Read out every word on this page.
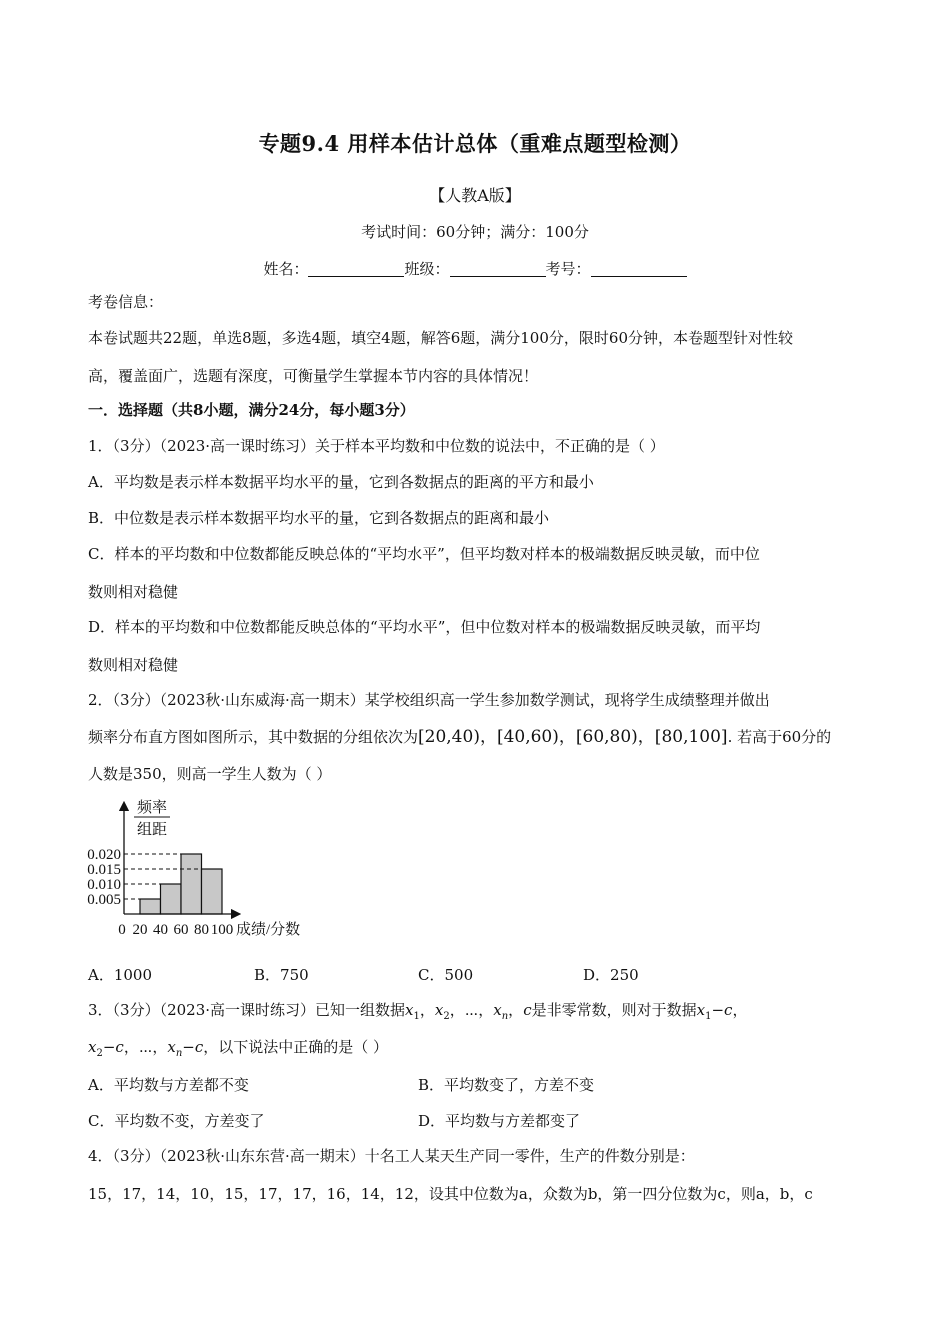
专题9.4 用样本估计总体（重难点题型检测）
【人教A版】
考试时间：60分钟；满分：100分
姓名：	班级：	考号：
考卷信息：
本卷试题共22题，单选8题，多选4题，填空4题，解答6题，满分100分，限时60分钟，本卷题型针对性较
高，覆盖面广，选题有深度，可衡量学生掌握本节内容的具体情况！
一．选择题（共8小题，满分24分，每小题3分）
1．（3分）（2023·高一课时练习）关于样本平均数和中位数的说法中，不正确的是（ ）
A．平均数是表示样本数据平均水平的量，它到各数据点的距离的平方和最小
B．中位数是表示样本数据平均水平的量，它到各数据点的距离和最小
C．样本的平均数和中位数都能反映总体的“平均水平”，但平均数对样本的极端数据反映灵敏，而中位
数则相对稳健
D．样本的平均数和中位数都能反映总体的“平均水平”，但中位数对样本的极端数据反映灵敏，而平均
数则相对稳健
2．（3分）（2023秋·山东威海·高一期末）某学校组织高一学生参加数学测试，现将学生成绩整理并做出
频率分布直方图如图所示，其中数据的分组依次为[20,40)，[40,60)，[60,80)，[80,100]. 若高于60分的
人数是350，则高一学生人数为（ ）
0.005
0.010
0.015
0.020
频率
组距
0 20 40 60 80 100 成绩/分数
A．1000	B．750	C．500	D．250
3．（3分）（2023·高一课时练习）已知一组数据$x_1$，$x_2$，⋯，$x_n$，c是非零常数，则对于数据$x_1-c$，
$x_2-c$，⋯，$x_n-c$，以下说法中正确的是（ ）
A．平均数与方差都不变	B．平均数变了，方差不变
C．平均数不变，方差变了	D．平均数与方差都变了
4．（3分）（2023秋·山东东营·高一期末）十名工人某天生产同一零件，生产的件数分别是：
15，17，14，10，15，17，17，16，14，12，设其中位数为a，众数为b，第一四分位数为c，则a，b，c
